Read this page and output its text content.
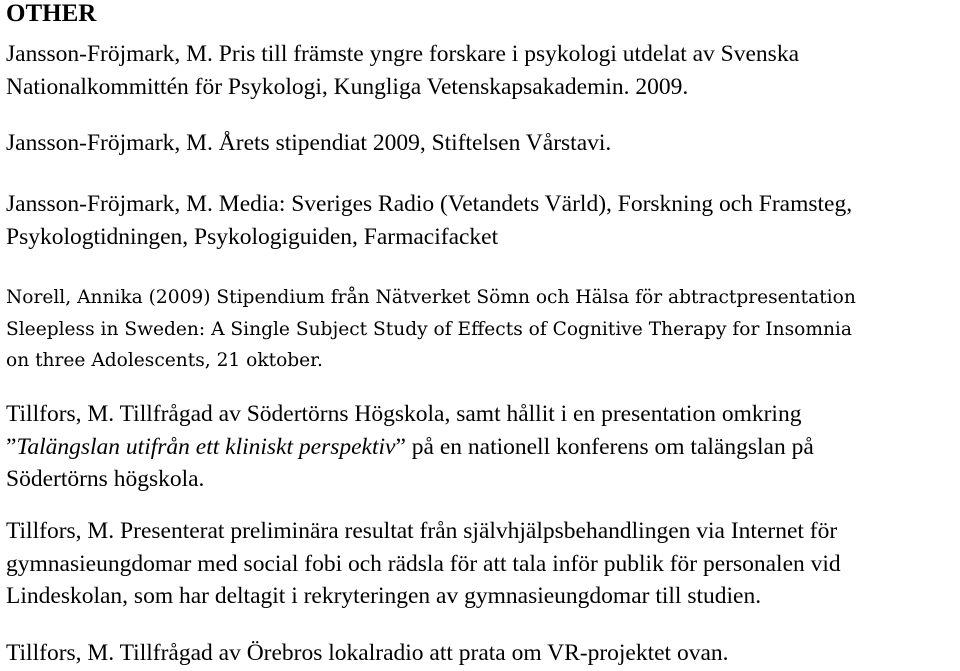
OTHER

Jansson-Fröjmark, M. Pris till främste yngre forskare i psykologi utdelat av Svenska
Nationalkommittén för Psykologi, Kungliga Vetenskapsakademin. 2009.

Jansson-Fröjmark, M. Årets stipendiat 2009, Stiftelsen Vårstavi.

Jansson-Fröjmark, M. Media: Sveriges Radio (Vetandets Värld), Forskning och Framsteg,
Psykologtidningen, Psykologiguiden, Farmacifacket

Norell, Annika (2009) Stipendium från Nätverket Sömn och Hälsa för abtractpresentation
Sleepless in Sweden: A Single Subject Study of Effects of Cognitive Therapy for Insomnia
on three Adolescents, 21 oktober.

Tillfors, M. Tillfrågad av Södertörns Högskola, samt hållit i en presentation omkring
”Talängslan utifrån ett kliniskt perspektiv” på en nationell konferens om talängslan på
Södertörns högskola.

Tillfors, M. Presenterat preliminära resultat från självhjälpsbehandlingen via Internet för
gymnasieungdomar med social fobi och rädsla för att tala inför publik för personalen vid
Lindeskolan, som har deltagit i rekryteringen av gymnasieungdomar till studien.

Tillfors, M. Tillfrågad av Örebros lokalradio att prata om VR-projektet ovan.
